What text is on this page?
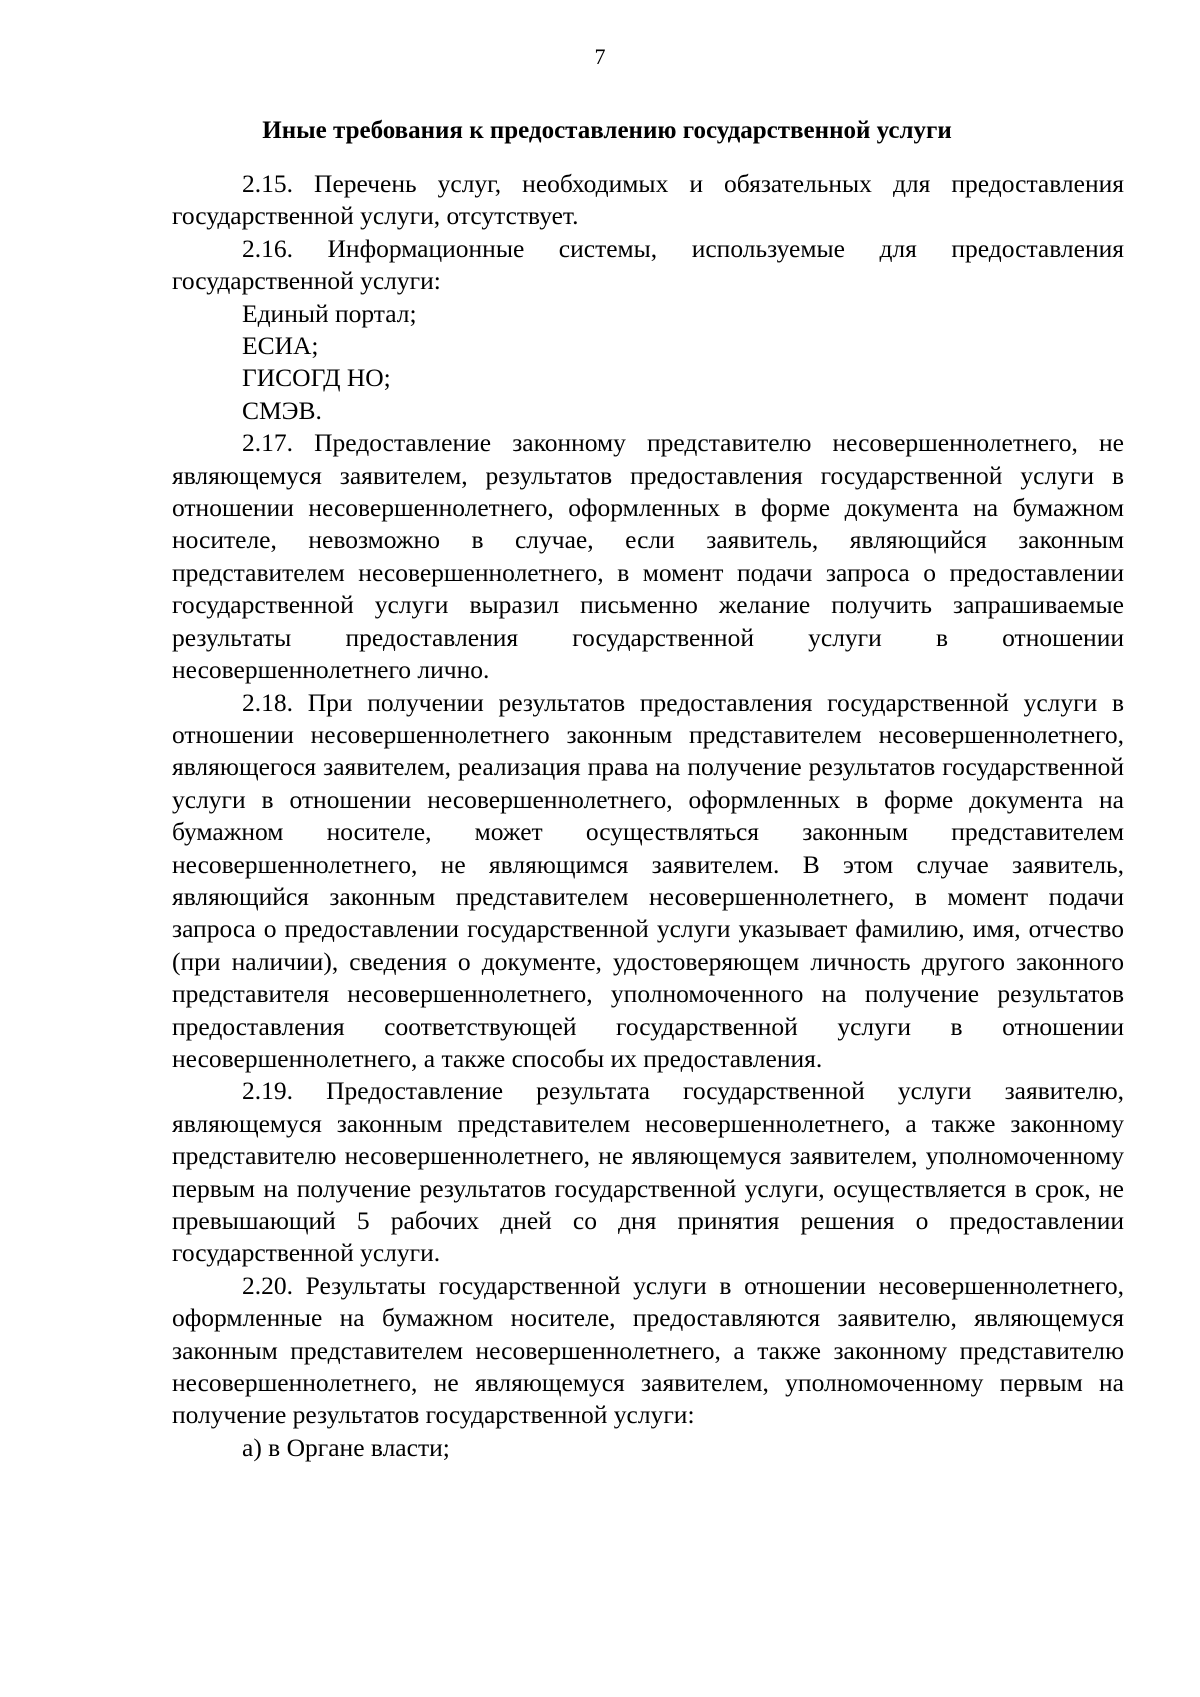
7
Иные требования к предоставлению государственной услуги

2.15. Перечень услуг, необходимых и обязательных для предоставления государственной услуги, отсутствует.

2.16. Информационные системы, используемые для предоставления государственной услуги:

Единый портал;

ЕСИА;

ГИСОГД НО;

СМЭВ.

2.17. Предоставление законному представителю несовершеннолетнего, не являющемуся заявителем, результатов предоставления государственной услуги в отношении несовершеннолетнего, оформленных в форме документа на бумажном носителе, невозможно в случае, если заявитель, являющийся законным представителем несовершеннолетнего, в момент подачи запроса о предоставлении государственной услуги выразил письменно желание получить запрашиваемые результаты предоставления государственной услуги в отношении несовершеннолетнего лично.

2.18. При получении результатов предоставления государственной услуги в отношении несовершеннолетнего законным представителем несовершеннолетнего, являющегося заявителем, реализация права на получение результатов государственной услуги в отношении несовершеннолетнего, оформленных в форме документа на бумажном носителе, может осуществляться законным представителем несовершеннолетнего, не являющимся заявителем. В этом случае заявитель, являющийся законным представителем несовершеннолетнего, в момент подачи запроса о предоставлении государственной услуги указывает фамилию, имя, отчество (при наличии), сведения о документе, удостоверяющем личность другого законного представителя несовершеннолетнего, уполномоченного на получение результатов предоставления соответствующей государственной услуги в отношении несовершеннолетнего, а также способы их предоставления.

2.19. Предоставление результата государственной услуги заявителю, являющемуся законным представителем несовершеннолетнего, а также законному представителю несовершеннолетнего, не являющемуся заявителем, уполномоченному первым на получение результатов государственной услуги, осуществляется в срок, не превышающий 5 рабочих дней со дня принятия решения о предоставлении государственной услуги.

2.20. Результаты государственной услуги в отношении несовершеннолетнего, оформленные на бумажном носителе, предоставляются заявителю, являющемуся законным представителем несовершеннолетнего, а также законному представителю несовершеннолетнего, не являющемуся заявителем, уполномоченному первым на получение результатов государственной услуги:

а) в Органе власти;
